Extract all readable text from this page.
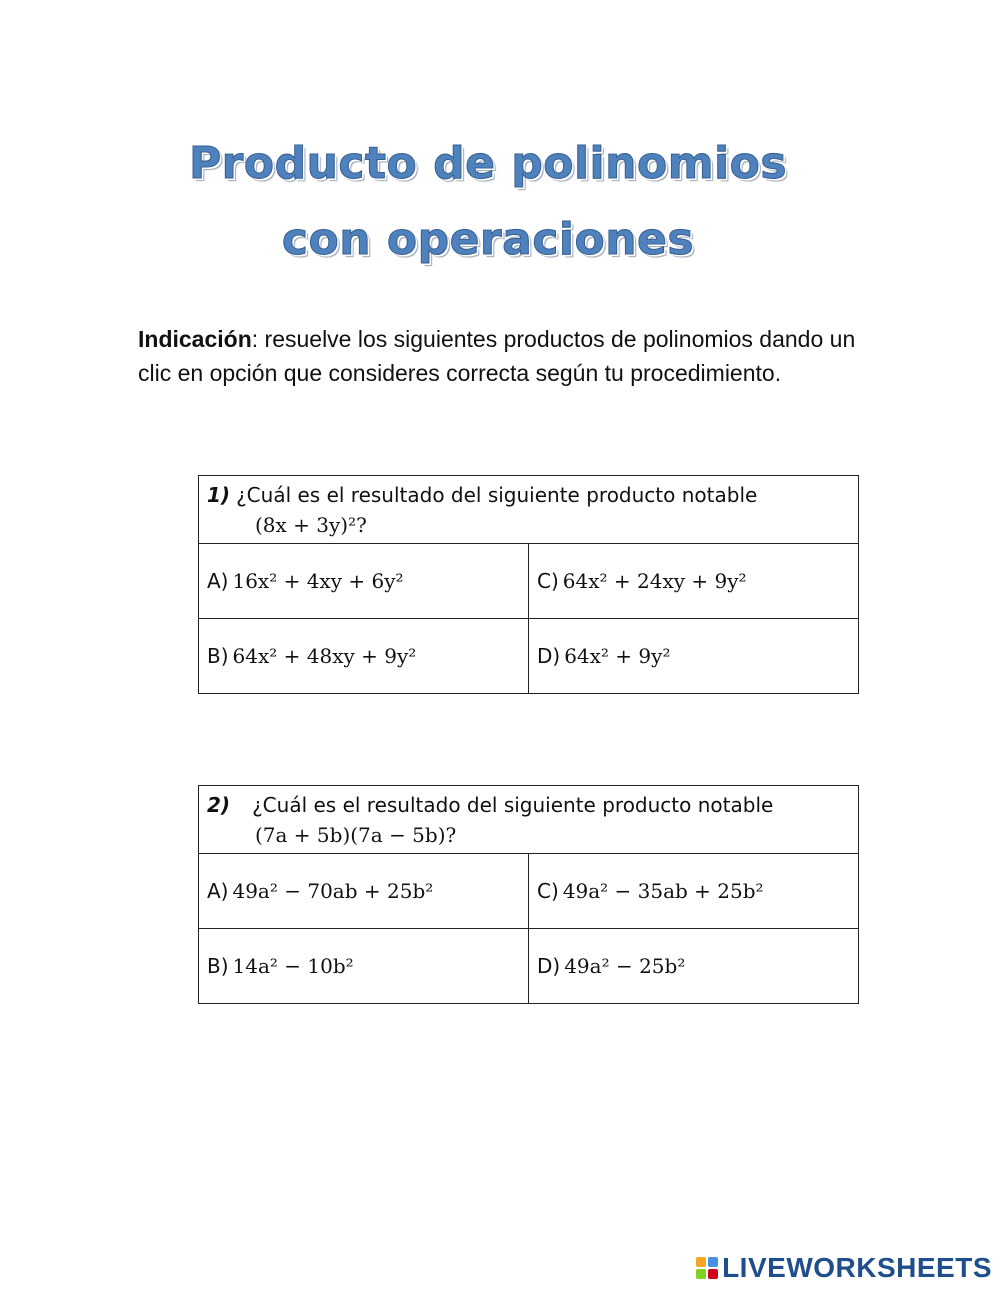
Producto de polinomios
con operaciones
Indicación: resuelve los siguientes productos de polinomios dando un clic en opción que consideres correcta según tu procedimiento.
1) ¿Cuál es el resultado del siguiente producto notable
(8x + 3y)²?	

A) 16x² + 4xy + 6y²	C) 64x² + 24xy + 9y²
B) 64x² + 48xy + 9y²	D) 64x² + 9y²
2) ¿Cuál es el resultado del siguiente producto notable
(7a + 5b)(7a − 5b)?	

A) 49a² − 70ab + 25b²	C) 49a² − 35ab + 25b²
B) 14a² − 10b²	D) 49a² − 25b²
LIVEWORKSHEETS
